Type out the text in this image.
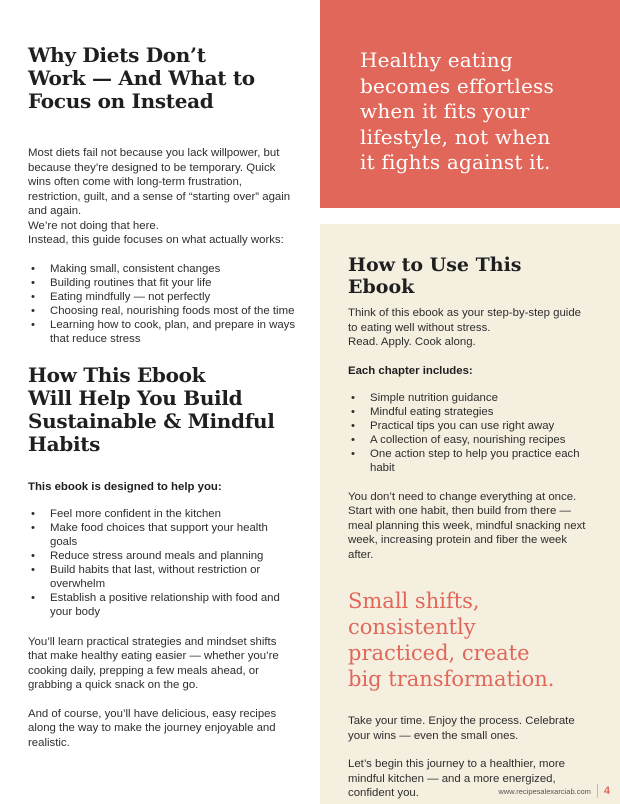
Why Diets Don’t
Work — And What to
Focus on Instead

Most diets fail not because you lack willpower, but because they’re designed to be temporary. Quick wins often come with long-term frustration, restriction, guilt, and a sense of “starting over” again and again.

We’re not doing that here.

Instead, this guide focuses on what actually works:

• Making small, consistent changes
• Building routines that fit your life
• Eating mindfully — not perfectly
• Choosing real, nourishing foods most of the time
• Learning how to cook, plan, and prepare in ways that reduce stress
How This Ebook
Will Help You Build
Sustainable & Mindful
Habits

This ebook is designed to help you:

• Feel more confident in the kitchen
• Make food choices that support your health goals
• Reduce stress around meals and planning
• Build habits that last, without restriction or overwhelm
• Establish a positive relationship with food and your body

You’ll learn practical strategies and mindset shifts that make healthy eating easier — whether you’re cooking daily, prepping a few meals ahead, or grabbing a quick snack on the go.

And of course, you’ll have delicious, easy recipes along the way to make the journey enjoyable and realistic.

Healthy eating
becomes effortless
when it fits your
lifestyle, not when
it fights against it.

How to Use This Ebook

Think of this ebook as your step-by-step guide to eating well without stress.

Read. Apply. Cook along.

Each chapter includes:

• Simple nutrition guidance
• Mindful eating strategies
• Practical tips you can use right away
• A collection of easy, nourishing recipes
• One action step to help you practice each habit

You don’t need to change everything at once. Start with one habit, then build from there — meal planning this week, mindful snacking next week, increasing protein and fiber the week after.

Small shifts,
consistently
practiced, create
big transformation.

Take your time. Enjoy the process. Celebrate your wins — even the small ones.

Let’s begin this journey to a healthier, more mindful kitchen — and a more energized, confident you.	www.recipesalexarciab.com 4
